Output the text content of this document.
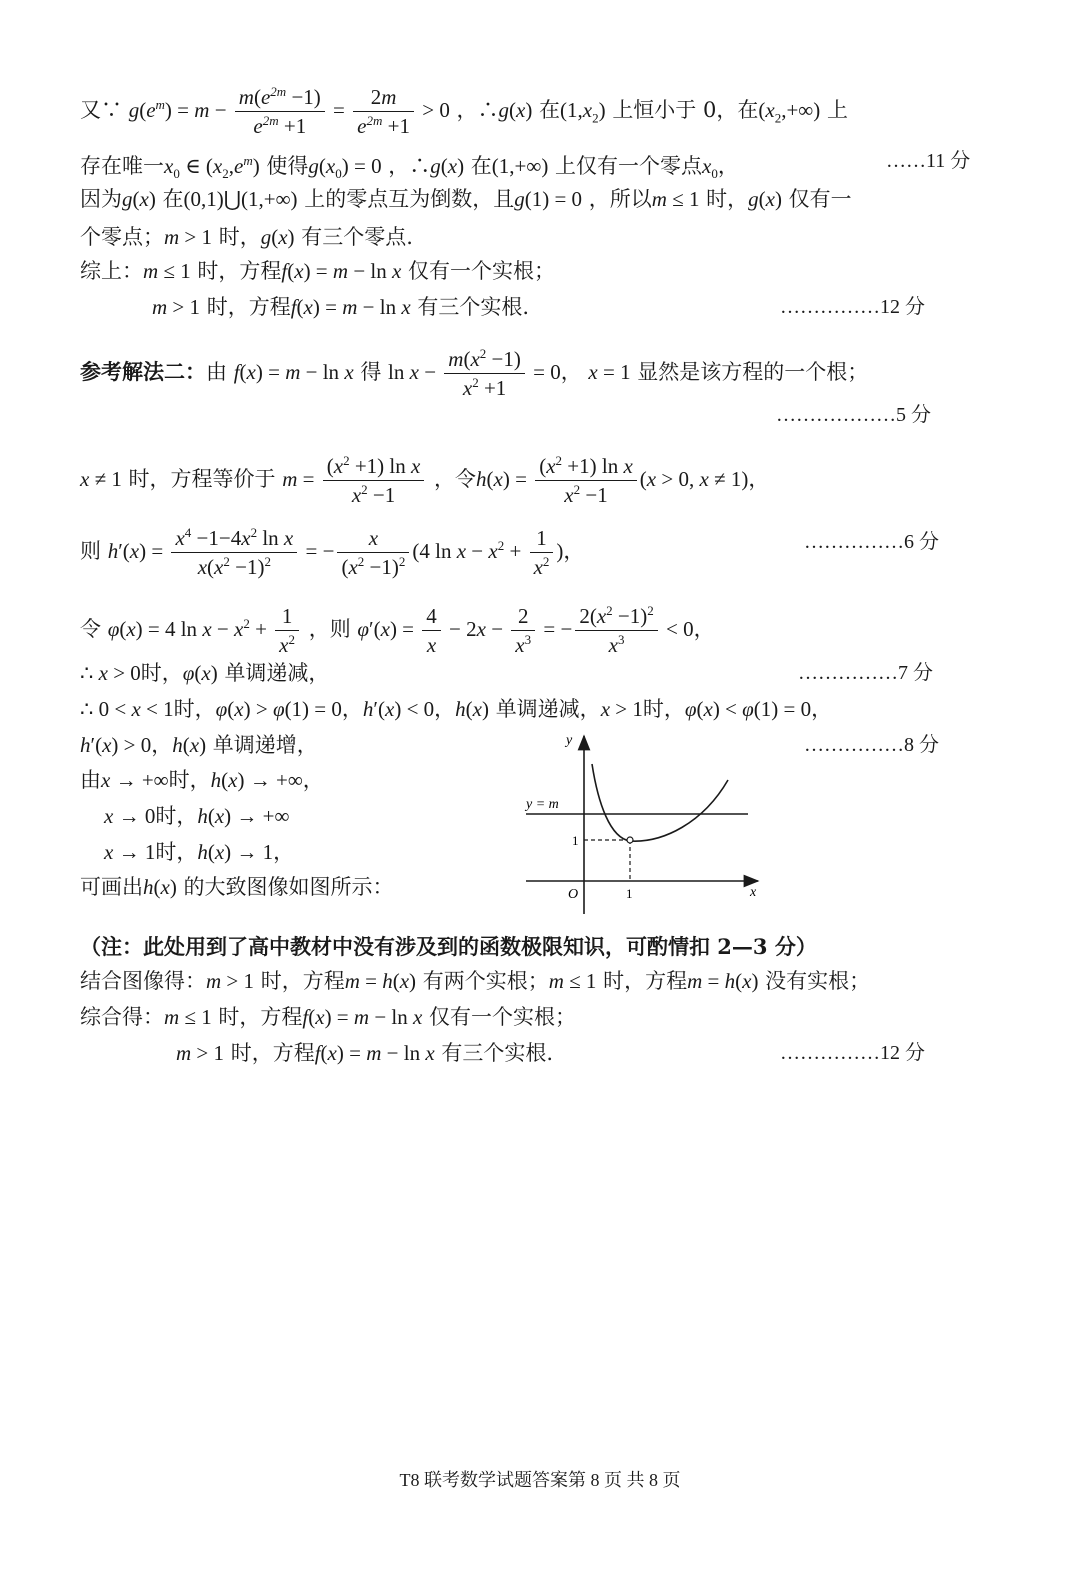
又∵ $g(e^m) = m - \frac{m(e^{2m} -1)}{e^{2m} +1} = \frac{2m}{e^{2m} +1} > 0$ ，∴g(x) 在$(1,x_2)$ 上恒小于 0，在$(x_2,+\infty)$ 上
存在唯一$x_0$ ∈ $(x_2,e^m)$ 使得$g(x_0) = 0$ ，∴g(x) 在(1,+∞) 上仅有一个零点$x_0$，	……11 分
因为g(x) 在(0,1)⋃(1,+∞) 上的零点互为倒数，且g(1) = 0 ，所以m ≤ 1 时，g(x) 仅有一
个零点；m > 1 时，g(x) 有三个零点.
综上：m ≤ 1 时，方程f(x) = m − ln x 仅有一个实根；
m > 1 时，方程f(x) = m − ln x 有三个实根.	……………12 分
参考解法二：由 f(x) = m − ln x 得 $\ln x - \frac{m(x^2 -1)}{x^2 +1} = 0$， x = 1 显然是该方程的一个根；
………………5 分
x ≠ 1 时，方程等价于 $m = \frac{(x^2 +1) \ln x}{x^2 -1}$ ，令$h(x) = \frac{(x^2 +1) \ln x}{x^2 -1} (x > 0$, x ≠ 1)，
则 $h'(x) = \frac{x^4 -1-4x^2 \ln x}{x(x^2 -1)^2}$ = − $\frac{x}{(x^2 -1)^2} (4$ $\ln x - x^2 + \frac{1}{x^2}$ )，	……………6 分
令 φ(x) = 4 $\ln x - x^2 + \frac{1}{x^2}$ ，则 $\varphi'(x) = \frac{4}{x} - 2x - \frac{2}{x^3}$ = − $\frac{2(x^2 -1)^2}{x^3} < 0$，
∴ x > 0时，φ(x) 单调递减，	……………7 分
∴ 0 < x < 1时，φ(x) > φ(1) = 0，h′(x) < 0，h(x) 单调递减，x > 1时，φ(x) < φ(1) = 0，
h′(x) > 0，h(x) 单调递增，	……………8 分
由x → +∞时，h(x) → +∞，
x → 0时，h(x) → +∞
x → 1时，h(x) → 1，
可画出h(x) 的大致图像如图所示：
y
x
y = m
O	1
1
（注：此处用到了高中教材中没有涉及到的函数极限知识，可酌情扣 2—3 分）
结合图像得：m > 1 时，方程m = h(x) 有两个实根；m ≤ 1 时，方程m = h(x) 没有实根；
综合得：m ≤ 1 时，方程f(x) = m − ln x 仅有一个实根；
m > 1 时，方程f(x) = m − ln x 有三个实根.	……………12 分
T8 联考数学试题答案第 8 页 共 8 页
